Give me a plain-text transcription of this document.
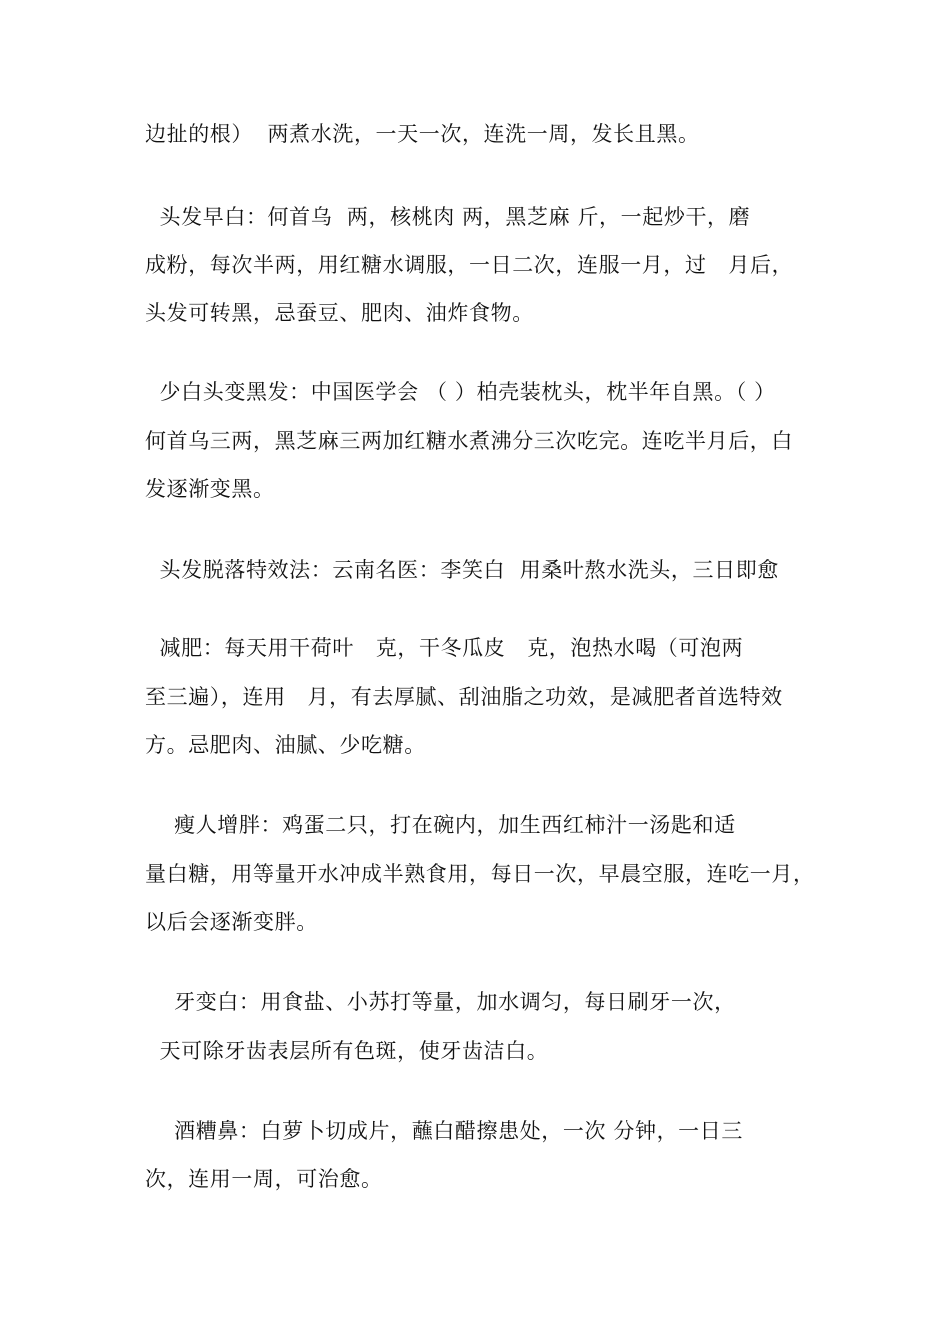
边扯的根）  两煮水洗，一天一次，连洗一周，发长且黑。
头发早白：何首乌  两，核桃肉 两，黑芝麻 斤，一起炒干，磨
成粉，每次半两，用红糖水调服，一日二次，连服一月，过   月后，
头发可转黑，忌蚕豆、肥肉、油炸食物。
少白头变黑发：中国医学会 （ ）柏壳装枕头，枕半年自黑。（ ）
何首乌三两，黑芝麻三两加红糖水煮沸分三次吃完。连吃半月后，白
发逐渐变黑。
头发脱落特效法：云南名医：李笑白  用桑叶熬水洗头，三日即愈
减肥：每天用干荷叶   克，干冬瓜皮   克，泡热水喝（可泡两
至三遍），连用   月，有去厚腻、刮油脂之功效，是减肥者首选特效
方。忌肥肉、油腻、少吃糖。
瘦人增胖：鸡蛋二只，打在碗内，加生西红柿汁一汤匙和适
量白糖，用等量开水冲成半熟食用，每日一次，早晨空服，连吃一月，
以后会逐渐变胖。
牙变白：用食盐、小苏打等量，加水调匀，每日刷牙一次，
天可除牙齿表层所有色斑，使牙齿洁白。
酒糟鼻：白萝卜切成片，蘸白醋擦患处，一次 分钟，一日三
次，连用一周，可治愈。
